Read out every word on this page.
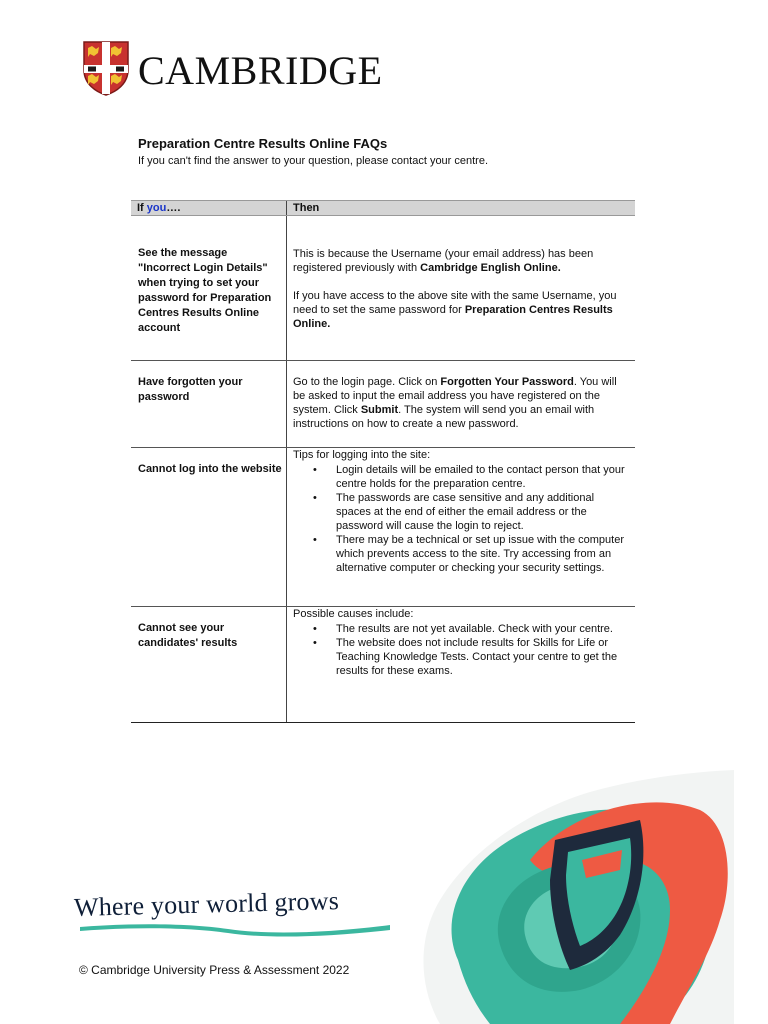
CAMBRIDGE
Preparation Centre Results Online FAQs
If you can't find the answer to your question, please contact your centre.
If you….	Then
See the message "Incorrect Login Details" when trying to set your password for Preparation Centres Results Online account

This is because the Username (your email address) has been registered previously with Cambridge English Online.

If you have access to the above site with the same Username, you need to set the same password for Preparation Centres Results Online.

Have forgotten your password

Go to the login page. Click on Forgotten Your Password. You will be asked to input the email address you have registered on the system. Click Submit. The system will send you an email with instructions on how to create a new password.

Cannot log into the website

Tips for logging into the site:

• Login details will be emailed to the contact person that your centre holds for the preparation centre.
• The passwords are case sensitive and any additional spaces at the end of either the email address or the password will cause the login to reject.
• There may be a technical or set up issue with the computer which prevents access to the site. Try accessing from an alternative computer or checking your security settings.
Cannot see your candidates' results

Possible causes include:

• The results are not yet available. Check with your centre.
• The website does not include results for Skills for Life or Teaching Knowledge Tests. Contact your centre to get the results for these exams.
Where your world grows
© Cambridge University Press & Assessment 2022
